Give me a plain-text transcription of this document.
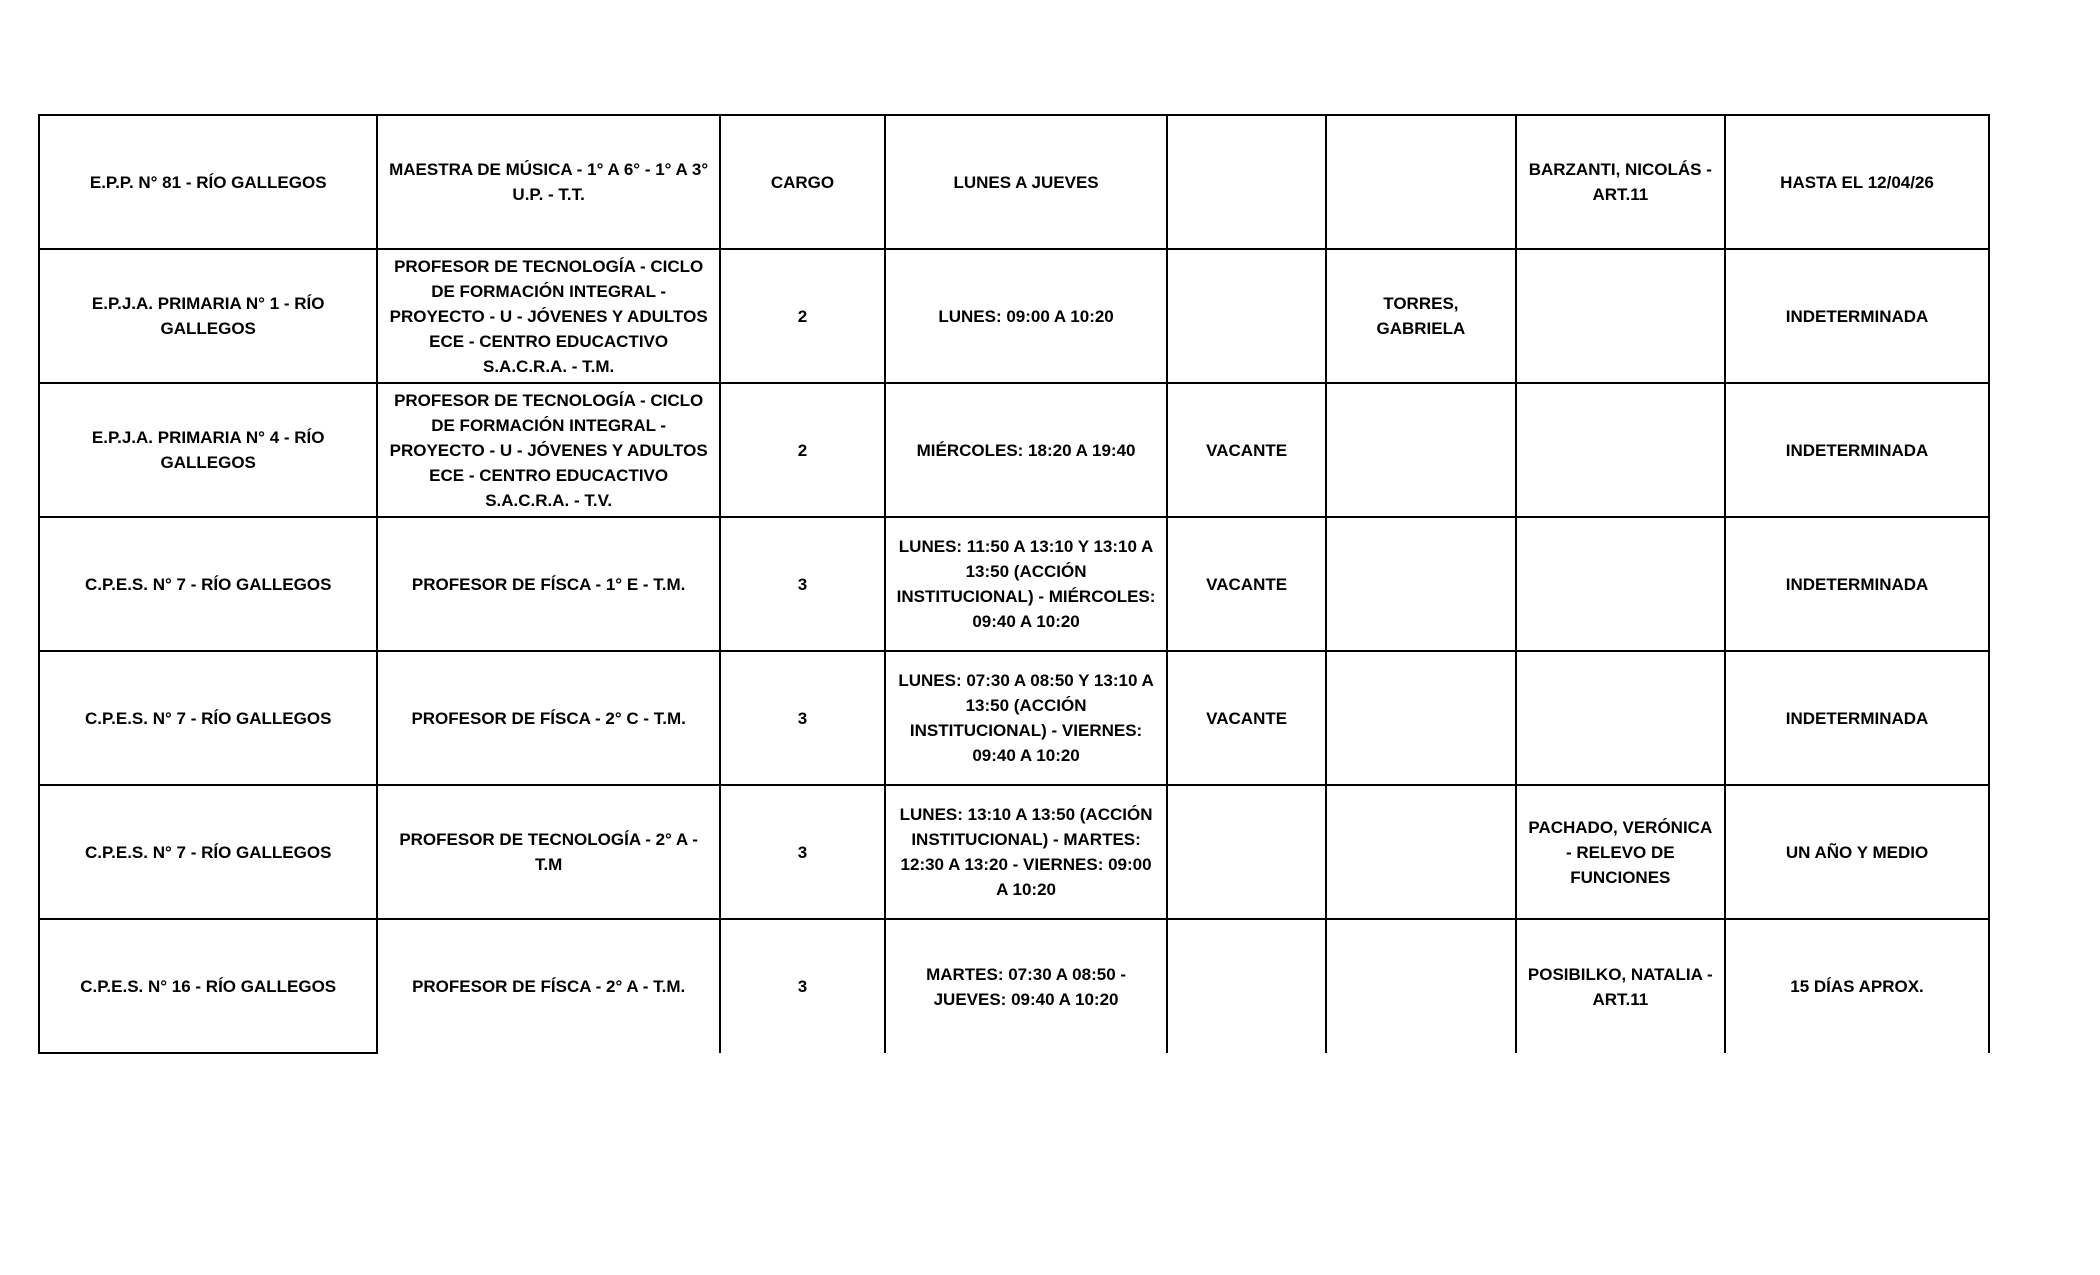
E.P.P. N° 81 - RÍO GALLEGOS	MAESTRA DE MÚSICA - 1° A 6° - 1° A 3° U.P. - T.T.	CARGO	LUNES A JUEVES			BARZANTI, NICOLÁS - ART.11	HASTA EL 12/04/26
E.P.J.A. PRIMARIA N° 1 - RÍO GALLEGOS	PROFESOR DE TECNOLOGÍA - CICLO DE FORMACIÓN INTEGRAL - PROYECTO - U - JÓVENES Y ADULTOS ECE - CENTRO EDUCACTIVO S.A.C.R.A. - T.M.	2	LUNES: 09:00 A 10:20		TORRES, GABRIELA		INDETERMINADA
E.P.J.A. PRIMARIA N° 4 - RÍO GALLEGOS	PROFESOR DE TECNOLOGÍA - CICLO DE FORMACIÓN INTEGRAL - PROYECTO - U - JÓVENES Y ADULTOS ECE - CENTRO EDUCACTIVO S.A.C.R.A. - T.V.	2	MIÉRCOLES: 18:20 A 19:40	VACANTE			INDETERMINADA
C.P.E.S. N° 7 - RÍO GALLEGOS	PROFESOR DE FÍSCA - 1° E - T.M.	3	LUNES: 11:50 A 13:10 Y 13:10 A 13:50 (ACCIÓN INSTITUCIONAL) - MIÉRCOLES: 09:40 A 10:20	VACANTE			INDETERMINADA
C.P.E.S. N° 7 - RÍO GALLEGOS	PROFESOR DE FÍSCA - 2° C - T.M.	3	LUNES: 07:30 A 08:50 Y 13:10 A 13:50 (ACCIÓN INSTITUCIONAL) - VIERNES: 09:40 A 10:20	VACANTE			INDETERMINADA
C.P.E.S. N° 7 - RÍO GALLEGOS	PROFESOR DE TECNOLOGÍA - 2° A - T.M	3	LUNES: 13:10 A 13:50 (ACCIÓN INSTITUCIONAL) - MARTES: 12:30 A 13:20 - VIERNES: 09:00 A 10:20			PACHADO, VERÓNICA - RELEVO DE FUNCIONES	UN AÑO Y MEDIO
C.P.E.S. N° 16 - RÍO GALLEGOS	PROFESOR DE FÍSCA - 2° A - T.M.	3	MARTES: 07:30 A 08:50 - JUEVES: 09:40 A 10:20			POSIBILKO, NATALIA - ART.11	15 DÍAS APROX.
